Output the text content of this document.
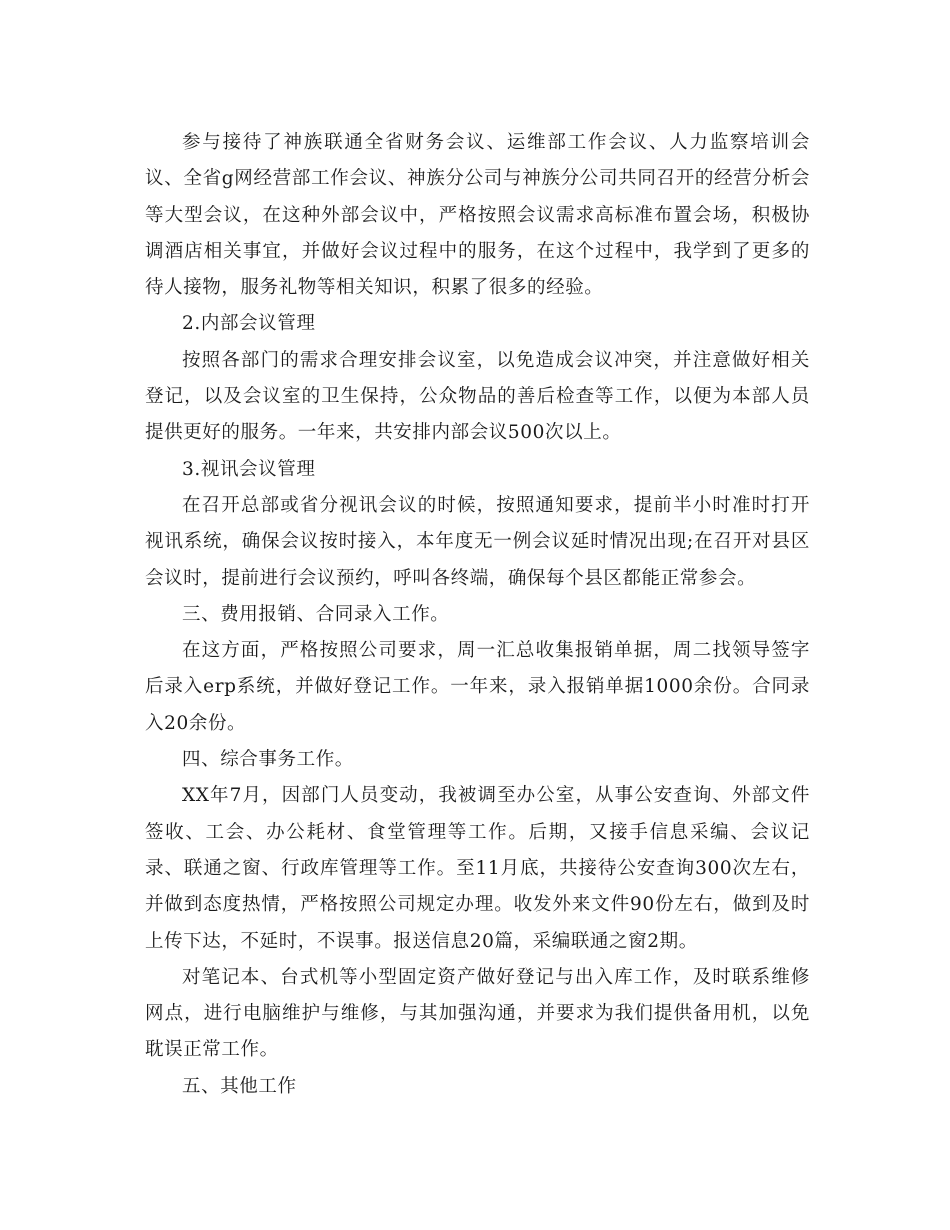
参与接待了神族联通全省财务会议、运维部工作会议、人力监察培训会议、全省g网经营部工作会议、神族分公司与神族分公司共同召开的经营分析会等大型会议，在这种外部会议中，严格按照会议需求高标准布置会场，积极协调酒店相关事宜，并做好会议过程中的服务，在这个过程中，我学到了更多的待人接物，服务礼物等相关知识，积累了很多的经验。

2.内部会议管理

按照各部门的需求合理安排会议室，以免造成会议冲突，并注意做好相关登记，以及会议室的卫生保持，公众物品的善后检查等工作，以便为本部人员提供更好的服务。一年来，共安排内部会议500次以上。

3.视讯会议管理

在召开总部或省分视讯会议的时候，按照通知要求，提前半小时准时打开视讯系统，确保会议按时接入，本年度无一例会议延时情况出现;在召开对县区会议时，提前进行会议预约，呼叫各终端，确保每个县区都能正常参会。

三、费用报销、合同录入工作。

在这方面，严格按照公司要求，周一汇总收集报销单据，周二找领导签字后录入erp系统，并做好登记工作。一年来，录入报销单据1000余份。合同录入20余份。

四、综合事务工作。

XX年7月，因部门人员变动，我被调至办公室，从事公安查询、外部文件签收、工会、办公耗材、食堂管理等工作。后期，又接手信息采编、会议记录、联通之窗、行政库管理等工作。至11月底，共接待公安查询300次左右，并做到态度热情，严格按照公司规定办理。收发外来文件90份左右，做到及时上传下达，不延时，不误事。报送信息20篇，采编联通之窗2期。

对笔记本、台式机等小型固定资产做好登记与出入库工作，及时联系维修网点，进行电脑维护与维修，与其加强沟通，并要求为我们提供备用机，以免耽误正常工作。

五、其他工作
